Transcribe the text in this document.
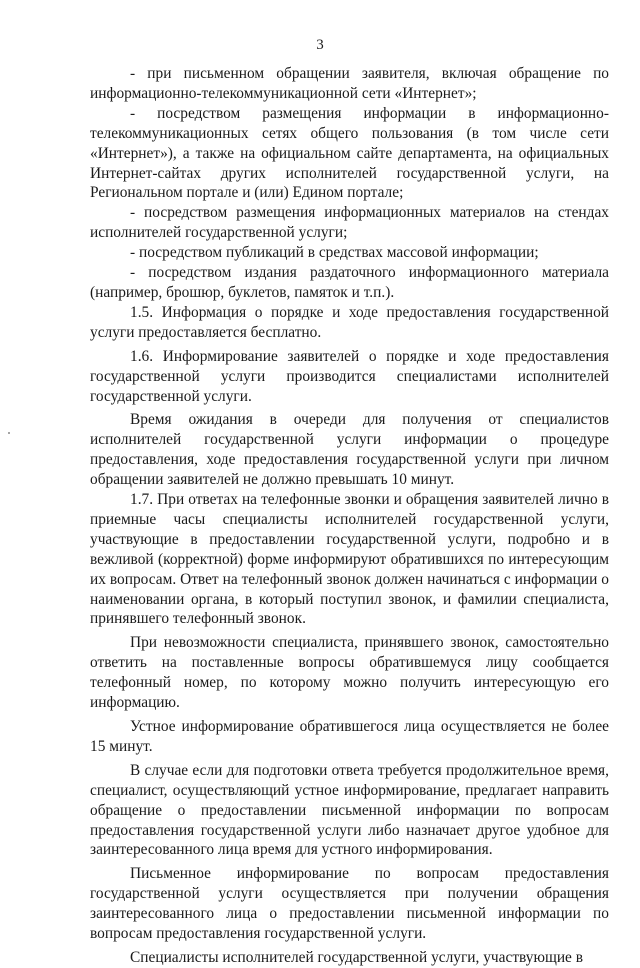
3

- при письменном обращении заявителя, включая обращение по информационно-телекоммуникационной сети «Интернет»;

- посредством размещения информации в информационно-телекоммуникационных сетях общего пользования (в том числе сети «Интернет»), а также на официальном сайте департамента, на официальных Интернет-сайтах других исполнителей государственной услуги, на Региональном портале и (или) Едином портале;

- посредством размещения информационных материалов на стендах исполнителей государственной услуги;

- посредством публикаций в средствах массовой информации;

- посредством издания раздаточного информационного материала (например, брошюр, буклетов, памяток и т.п.).

1.5. Информация о порядке и ходе предоставления государственной услуги предоставляется бесплатно.

1.6. Информирование заявителей о порядке и ходе предоставления государственной услуги производится специалистами исполнителей государственной услуги.

Время ожидания в очереди для получения от специалистов исполнителей государственной услуги информации о процедуре предоставления, ходе предоставления государственной услуги при личном обращении заявителей не должно превышать 10 минут.

1.7. При ответах на телефонные звонки и обращения заявителей лично в приемные часы специалисты исполнителей государственной услуги, участвующие в предоставлении государственной услуги, подробно и в вежливой (корректной) форме информируют обратившихся по интересующим их вопросам. Ответ на телефонный звонок должен начинаться с информации о наименовании органа, в который поступил звонок, и фамилии специалиста, принявшего телефонный звонок.

При невозможности специалиста, принявшего звонок, самостоятельно ответить на поставленные вопросы обратившемуся лицу сообщается телефонный номер, по которому можно получить интересующую его информацию.

Устное информирование обратившегося лица осуществляется не более 15 минут.

В случае если для подготовки ответа требуется продолжительное время, специалист, осуществляющий устное информирование, предлагает направить обращение о предоставлении письменной информации по вопросам предоставления государственной услуги либо назначает другое удобное для заинтересованного лица время для устного информирования.

Письменное информирование по вопросам предоставления государственной услуги осуществляется при получении обращения заинтересованного лица о предоставлении письменной информации по вопросам предоставления государственной услуги.

Специалисты исполнителей государственной услуги, участвующие в
